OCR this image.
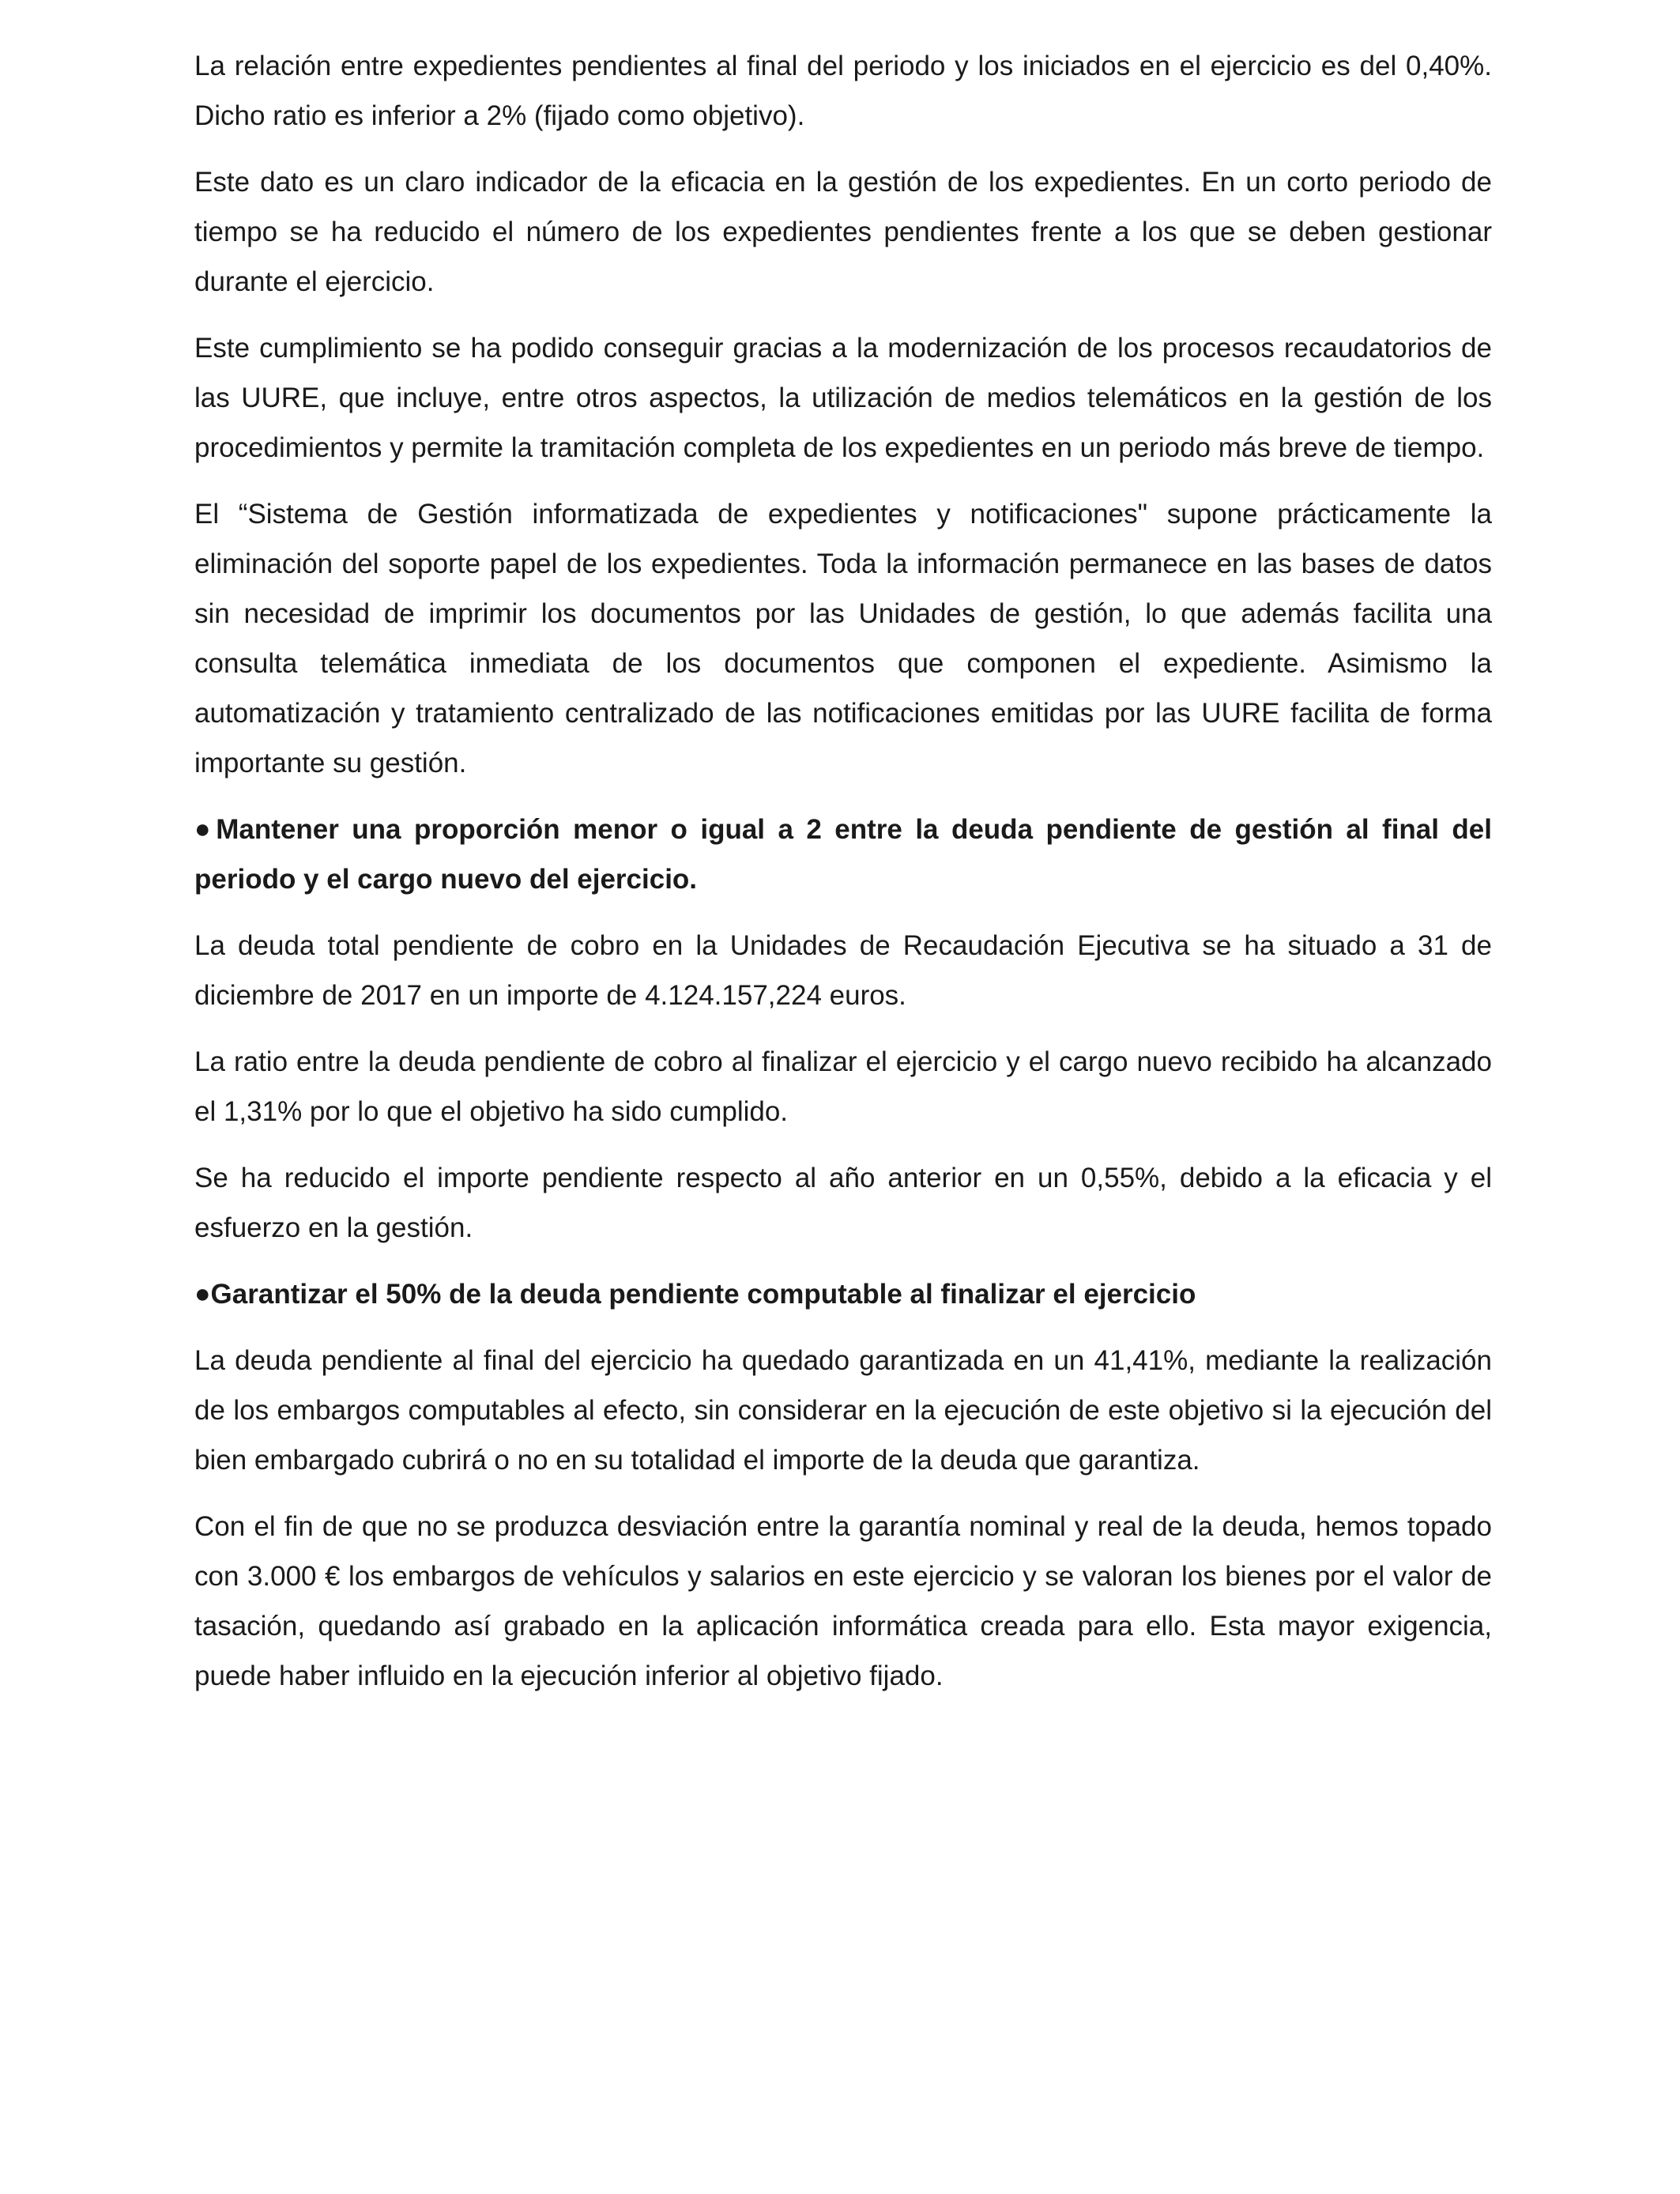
La relación entre expedientes pendientes al final del periodo y los iniciados en el ejercicio es del 0,40%. Dicho ratio es inferior a 2% (fijado como objetivo).

Este dato es un claro indicador de la eficacia en la gestión de los expedientes. En un corto periodo de tiempo se ha reducido el número de los expedientes pendientes frente a los que se deben gestionar durante el ejercicio.

Este cumplimiento se ha podido conseguir gracias a la modernización de los procesos recaudatorios de las UURE, que incluye, entre otros aspectos, la utilización de medios telemáticos en la gestión de los procedimientos y permite la tramitación completa de los expedientes en un periodo más breve de tiempo.

El “Sistema de Gestión informatizada de expedientes y notificaciones" supone prácticamente la eliminación del soporte papel de los expedientes. Toda la información permanece en las bases de datos sin necesidad de imprimir los documentos por las Unidades de gestión, lo que además facilita una consulta telemática inmediata de los documentos que componen el expediente. Asimismo la automatización y tratamiento centralizado de las notificaciones emitidas por las UURE facilita de forma importante su gestión.

●Mantener una proporción menor o igual a 2 entre la deuda pendiente de gestión al final del periodo y el cargo nuevo del ejercicio.

La deuda total pendiente de cobro en la Unidades de Recaudación Ejecutiva se ha situado a 31 de diciembre de 2017 en un importe de 4.124.157,224 euros.

La ratio entre la deuda pendiente de cobro al finalizar el ejercicio y el cargo nuevo recibido ha alcanzado el 1,31% por lo que el objetivo ha sido cumplido.

Se ha reducido el importe pendiente respecto al año anterior en un 0,55%, debido a la eficacia y el esfuerzo en la gestión.

●Garantizar el 50% de la deuda pendiente computable al finalizar el ejercicio

La deuda pendiente al final del ejercicio ha quedado garantizada en un 41,41%, mediante la realización de los embargos computables al efecto, sin considerar en la ejecución de este objetivo si la ejecución del bien embargado cubrirá o no en su totalidad el importe de la deuda que garantiza.

Con el fin de que no se produzca desviación entre la garantía nominal y real de la deuda, hemos topado con 3.000 € los embargos de vehículos y salarios en este ejercicio y se valoran los bienes por el valor de tasación, quedando así grabado en la aplicación informática creada para ello. Esta mayor exigencia, puede haber influido en la ejecución inferior al objetivo fijado.
